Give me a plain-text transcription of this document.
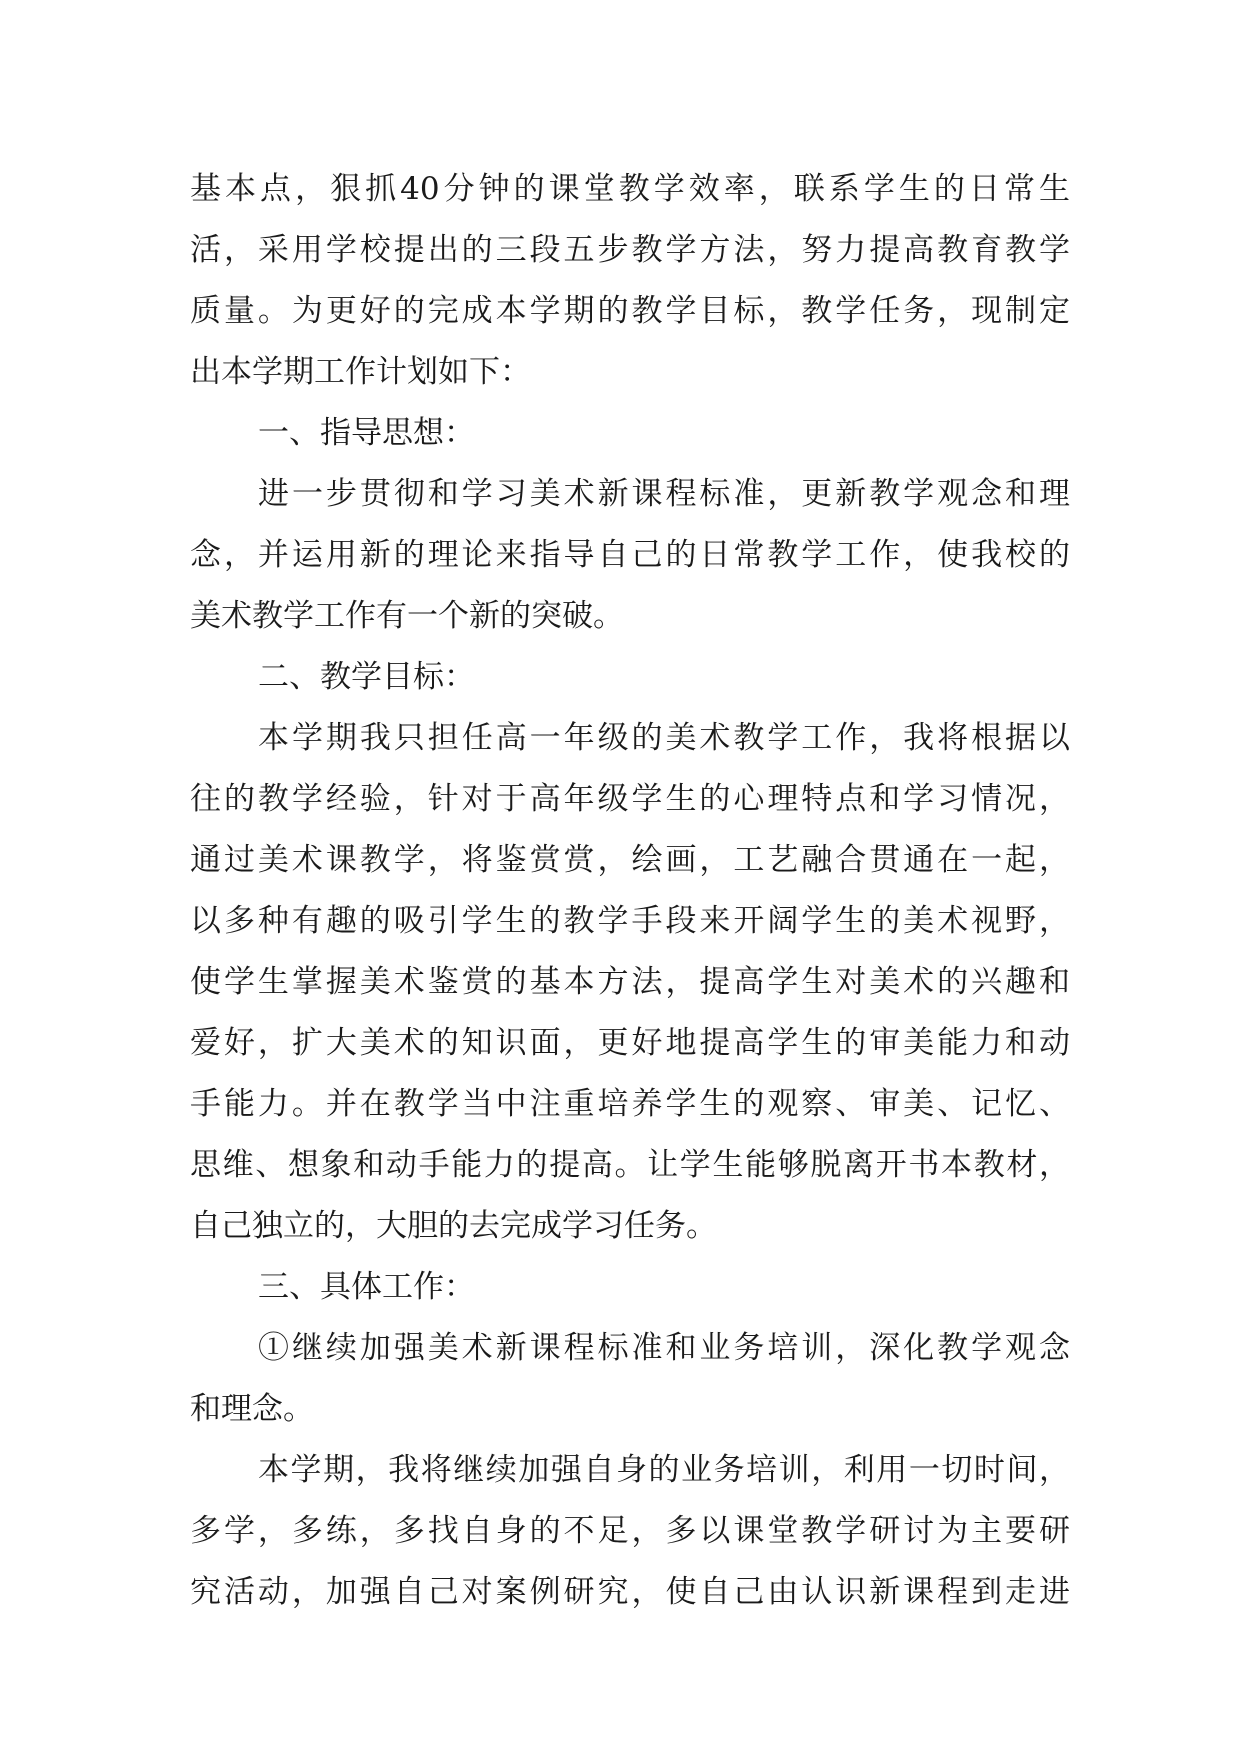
基本点，狠抓40分钟的课堂教学效率，联系学生的日常生
活，采用学校提出的三段五步教学方法，努力提高教育教学
质量。为更好的完成本学期的教学目标，教学任务，现制定
出本学期工作计划如下：
一、指导思想：
进一步贯彻和学习美术新课程标准，更新教学观念和理
念，并运用新的理论来指导自己的日常教学工作，使我校的
美术教学工作有一个新的突破。
二、教学目标：
本学期我只担任高一年级的美术教学工作，我将根据以
往的教学经验，针对于高年级学生的心理特点和学习情况，
通过美术课教学，将鉴赏赏，绘画，工艺融合贯通在一起，
以多种有趣的吸引学生的教学手段来开阔学生的美术视野，
使学生掌握美术鉴赏的基本方法，提高学生对美术的兴趣和
爱好，扩大美术的知识面，更好地提高学生的审美能力和动
手能力。并在教学当中注重培养学生的观察、审美、记忆、
思维、想象和动手能力的提高。让学生能够脱离开书本教材，
自己独立的，大胆的去完成学习任务。
三、具体工作：
①继续加强美术新课程标准和业务培训，深化教学观念
和理念。
本学期，我将继续加强自身的业务培训，利用一切时间，
多学，多练，多找自身的不足，多以课堂教学研讨为主要研
究活动，加强自己对案例研究，使自己由认识新课程到走进
